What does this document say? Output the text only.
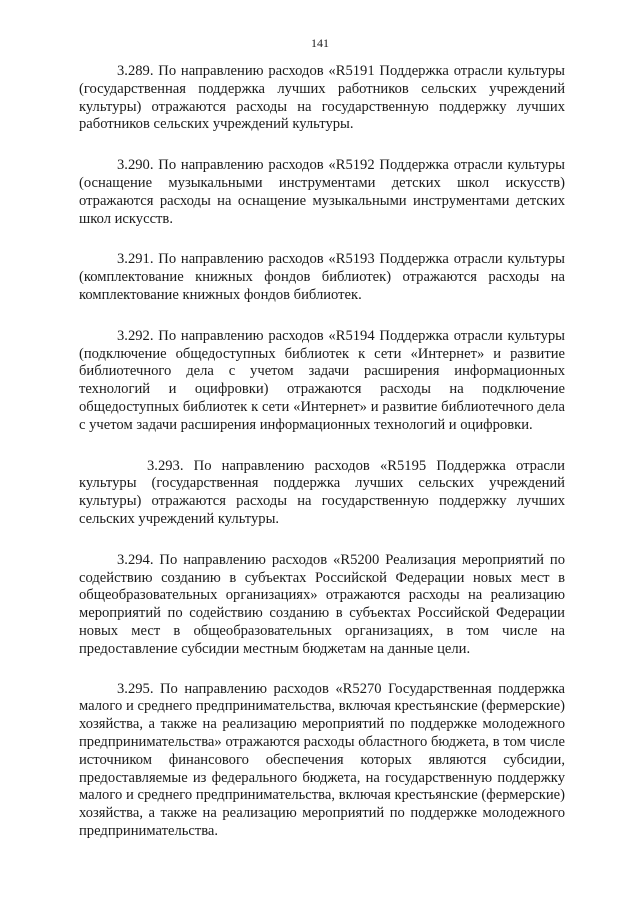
141

3.289. По направлению расходов «R5191 Поддержка отрасли культуры (государственная поддержка лучших работников сельских учреждений культуры) отражаются расходы на государственную поддержку лучших работников сельских учреждений культуры.

3.290. По направлению расходов «R5192 Поддержка отрасли культуры (оснащение музыкальными инструментами детских школ искусств) отражаются расходы на оснащение музыкальными инструментами детских школ искусств.

3.291. По направлению расходов «R5193 Поддержка отрасли культуры (комплектование книжных фондов библиотек) отражаются расходы на комплектование книжных фондов библиотек.

3.292. По направлению расходов «R5194 Поддержка отрасли культуры (подключение общедоступных библиотек к сети «Интернет» и развитие библиотечного дела с учетом задачи расширения информационных технологий и оцифровки) отражаются расходы на подключение общедоступных библиотек к сети «Интернет» и развитие библиотечного дела с учетом задачи расширения информационных технологий и оцифровки.

3.293. По направлению расходов «R5195 Поддержка отрасли культуры (государственная поддержка лучших сельских учреждений культуры) отражаются расходы на государственную поддержку лучших сельских учреждений культуры.

3.294. По направлению расходов «R5200 Реализация мероприятий по содействию созданию в субъектах Российской Федерации новых мест в общеобразовательных организациях» отражаются расходы на реализацию мероприятий по содействию созданию в субъектах Российской Федерации новых мест в общеобразовательных организациях, в том числе на предоставление субсидии местным бюджетам на данные цели.

3.295. По направлению расходов «R5270 Государственная поддержка малого и среднего предпринимательства, включая крестьянские (фермерские) хозяйства, а также на реализацию мероприятий по поддержке молодежного предпринимательства» отражаются расходы областного бюджета, в том числе источником финансового обеспечения которых являются субсидии, предоставляемые из федерального бюджета, на государственную поддержку малого и среднего предпринимательства, включая крестьянские (фермерские) хозяйства, а также на реализацию мероприятий по поддержке молодежного предпринимательства.
